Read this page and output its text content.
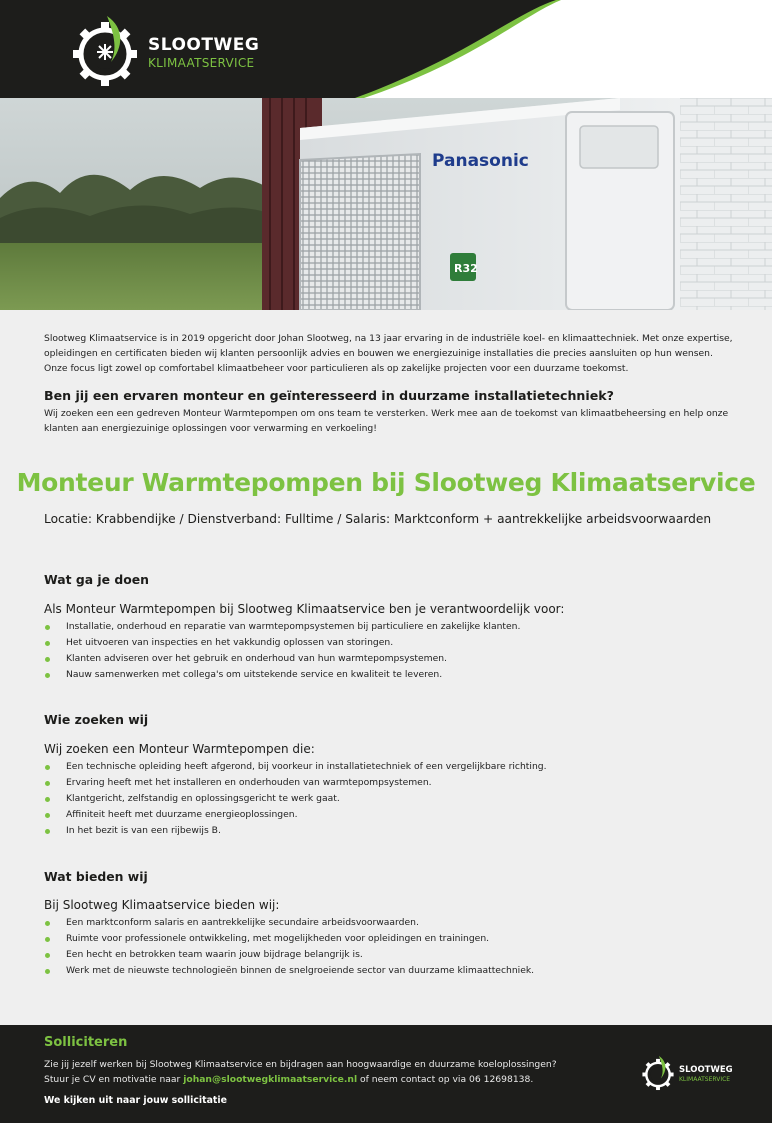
SLOOTWEG
KLIMAATSERVICE
Panasonic
R32

Slootweg Klimaatservice is in 2019 opgericht door Johan Slootweg, na 13 jaar ervaring in de industriële koel- en klimaattechniek. Met onze expertise, opleidingen en certificaten bieden wij klanten persoonlijk advies en bouwen we energiezuinige installaties die precies aansluiten op hun wensen. Onze focus ligt zowel op comfortabel klimaatbeheer voor particulieren als op zakelijke projecten voor een duurzame toekomst.

Ben jij een ervaren monteur en geïnteresseerd in duurzame installatietechniek?

Wij zoeken een een gedreven Monteur Warmtepompen om ons team te versterken. Werk mee aan de toekomst van klimaatbeheersing en help onze klanten aan energiezuinige oplossingen voor verwarming en verkoeling!

Monteur Warmtepompen bij Slootweg Klimaatservice
Locatie: Krabbendijke / Dienstverband: Fulltime / Salaris: Marktconform + aantrekkelijke arbeidsvoorwaarden
Wat ga je doen
Als Monteur Warmtepompen bij Slootweg Klimaatservice ben je verantwoordelijk voor:
Installatie, onderhoud en reparatie van warmtepompsystemen bij particuliere en zakelijke klanten.
Het uitvoeren van inspecties en het vakkundig oplossen van storingen.
Klanten adviseren over het gebruik en onderhoud van hun warmtepompsystemen.
Nauw samenwerken met collega's om uitstekende service en kwaliteit te leveren.
Wie zoeken wij
Wij zoeken een Monteur Warmtepompen die:
Een technische opleiding heeft afgerond, bij voorkeur in installatietechniek of een vergelijkbare richting.
Ervaring heeft met het installeren en onderhouden van warmtepompsystemen.
Klantgericht, zelfstandig en oplossingsgericht te werk gaat.
Affiniteit heeft met duurzame energieoplossingen.
In het bezit is van een rijbewijs B.
Wat bieden wij
Bij Slootweg Klimaatservice bieden wij:
Een marktconform salaris en aantrekkelijke secundaire arbeidsvoorwaarden.
Ruimte voor professionele ontwikkeling, met mogelijkheden voor opleidingen en trainingen.
Een hecht en betrokken team waarin jouw bijdrage belangrijk is.
Werk met de nieuwste technologieën binnen de snelgroeiende sector van duurzame klimaattechniek.
Solliciteren
Zie jij jezelf werken bij Slootweg Klimaatservice en bijdragen aan hoogwaardige en duurzame koeloplossingen?
Stuur je CV en motivatie naar johan@slootwegklimaatservice.nl of neem contact op via 06 12698138.
We kijken uit naar jouw sollicitatie
SLOOTWEG
KLIMAATSERVICE
